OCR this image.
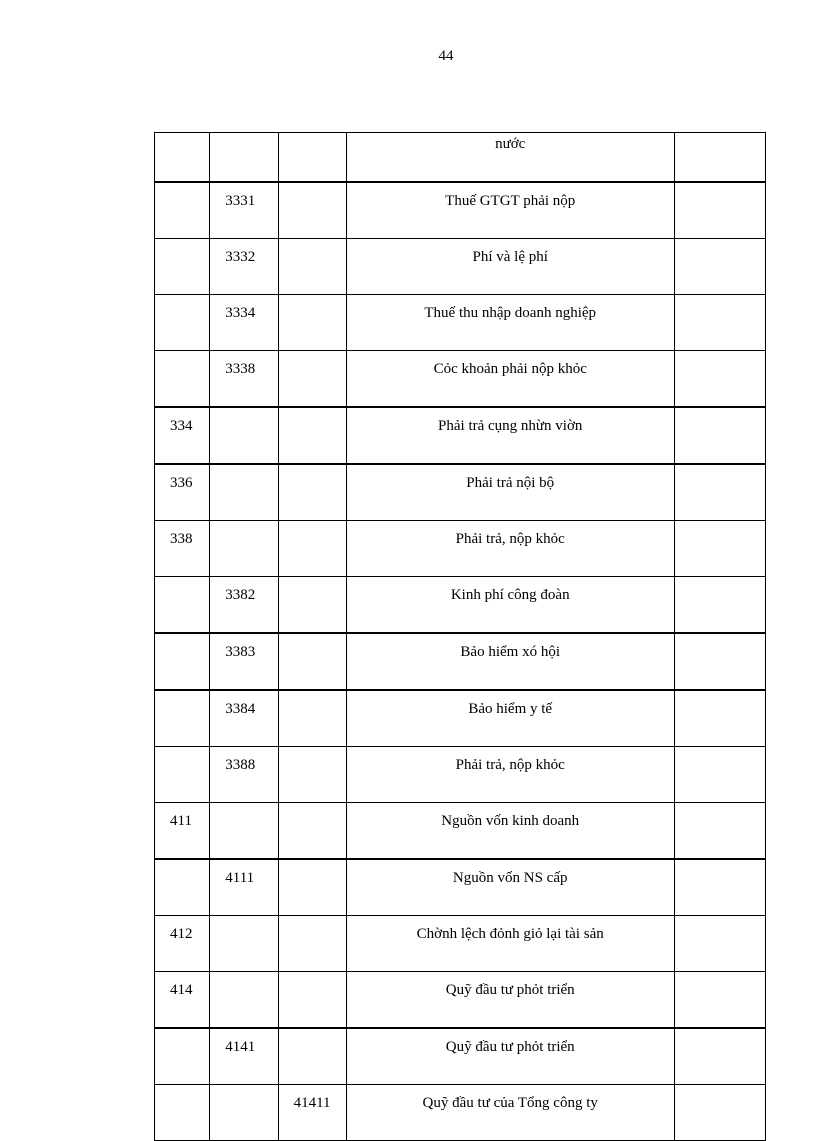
44
			nước	
	3331		Thuế GTGT phải nộp	
	3332		Phí và lệ phí	
	3334		Thuế thu nhập doanh nghiệp	
	3338		Cỏc khoản phải nộp khỏc	
334			Phải trả cụng nhừn viờn	
336			Phải trả nội bộ	
338			Phải trả, nộp khỏc	
	3382		Kinh phí công đoàn	
	3383		Bảo hiểm xó hội	
	3384		Bảo hiểm y tế	
	3388		Phải trả, nộp khỏc	
411			Nguồn vốn kinh doanh	
	4111		Nguồn vốn NS cấp	
412			Chờnh lệch đỏnh giỏ lại tài sản	
414			Quỹ đầu tư phỏt triển	
	4141		Quỹ đầu tư phỏt triển	
		41411	Quỹ đầu tư của Tổng công ty	
